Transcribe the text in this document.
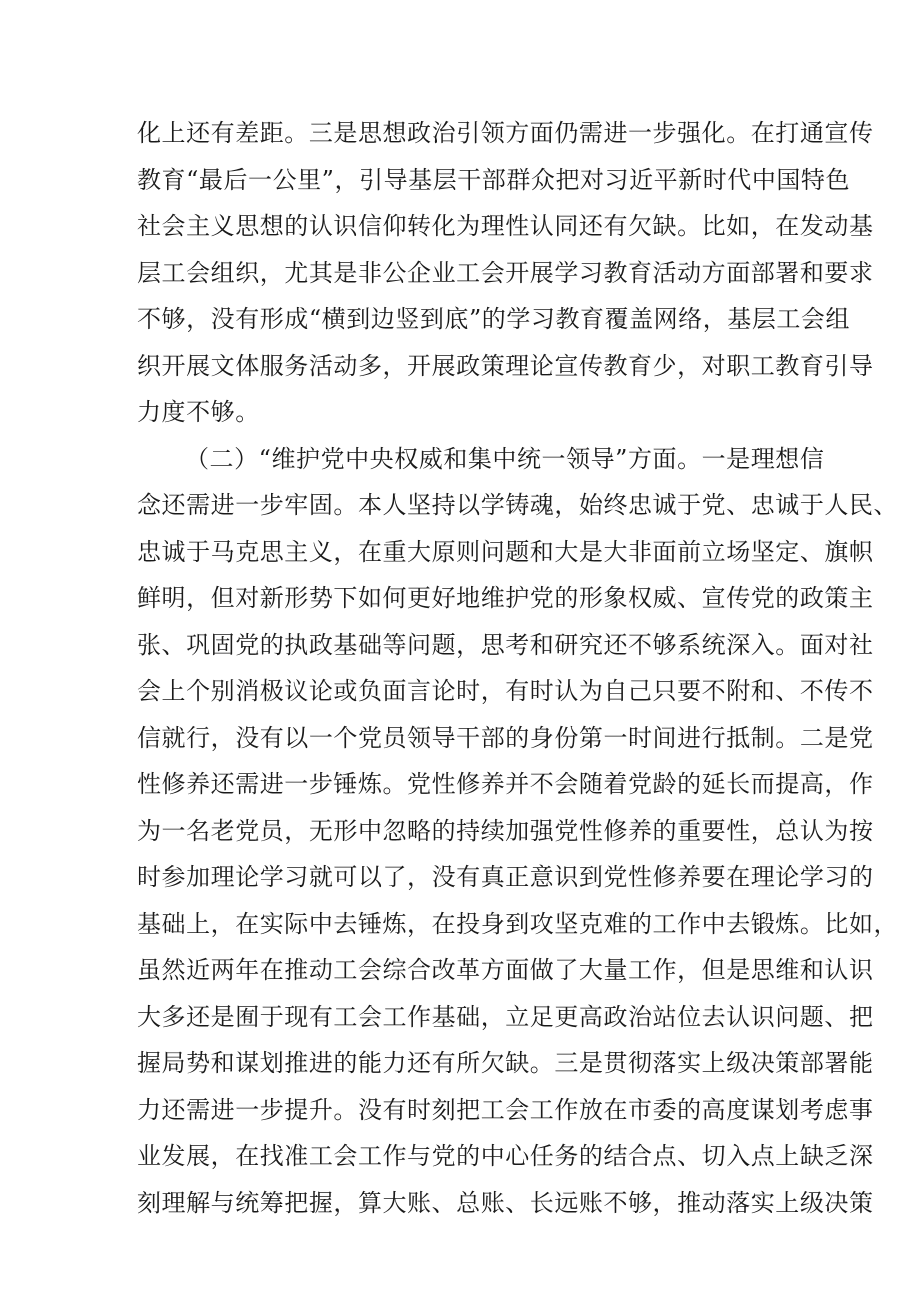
化上还有差距。三是思想政治引领方面仍需进一步强化。在打通宣传
教育“最后一公里”，引导基层干部群众把对习近平新时代中国特色
社会主义思想的认识信仰转化为理性认同还有欠缺。比如，在发动基
层工会组织，尤其是非公企业工会开展学习教育活动方面部署和要求
不够，没有形成“横到边竖到底”的学习教育覆盖网络，基层工会组
织开展文体服务活动多，开展政策理论宣传教育少，对职工教育引导
力度不够。
（二）“维护党中央权威和集中统一领导”方面。一是理想信
念还需进一步牢固。本人坚持以学铸魂，始终忠诚于党、忠诚于人民、
忠诚于马克思主义，在重大原则问题和大是大非面前立场坚定、旗帜
鲜明，但对新形势下如何更好地维护党的形象权威、宣传党的政策主
张、巩固党的执政基础等问题，思考和研究还不够系统深入。面对社
会上个别消极议论或负面言论时，有时认为自己只要不附和、不传不
信就行，没有以一个党员领导干部的身份第一时间进行抵制。二是党
性修养还需进一步锤炼。党性修养并不会随着党龄的延长而提高，作
为一名老党员，无形中忽略的持续加强党性修养的重要性，总认为按
时参加理论学习就可以了，没有真正意识到党性修养要在理论学习的
基础上，在实际中去锤炼，在投身到攻坚克难的工作中去锻炼。比如，
虽然近两年在推动工会综合改革方面做了大量工作，但是思维和认识
大多还是囿于现有工会工作基础，立足更高政治站位去认识问题、把
握局势和谋划推进的能力还有所欠缺。三是贯彻落实上级决策部署能
力还需进一步提升。没有时刻把工会工作放在市委的高度谋划考虑事
业发展，在找准工会工作与党的中心任务的结合点、切入点上缺乏深
刻理解与统筹把握，算大账、总账、长远账不够，推动落实上级决策
